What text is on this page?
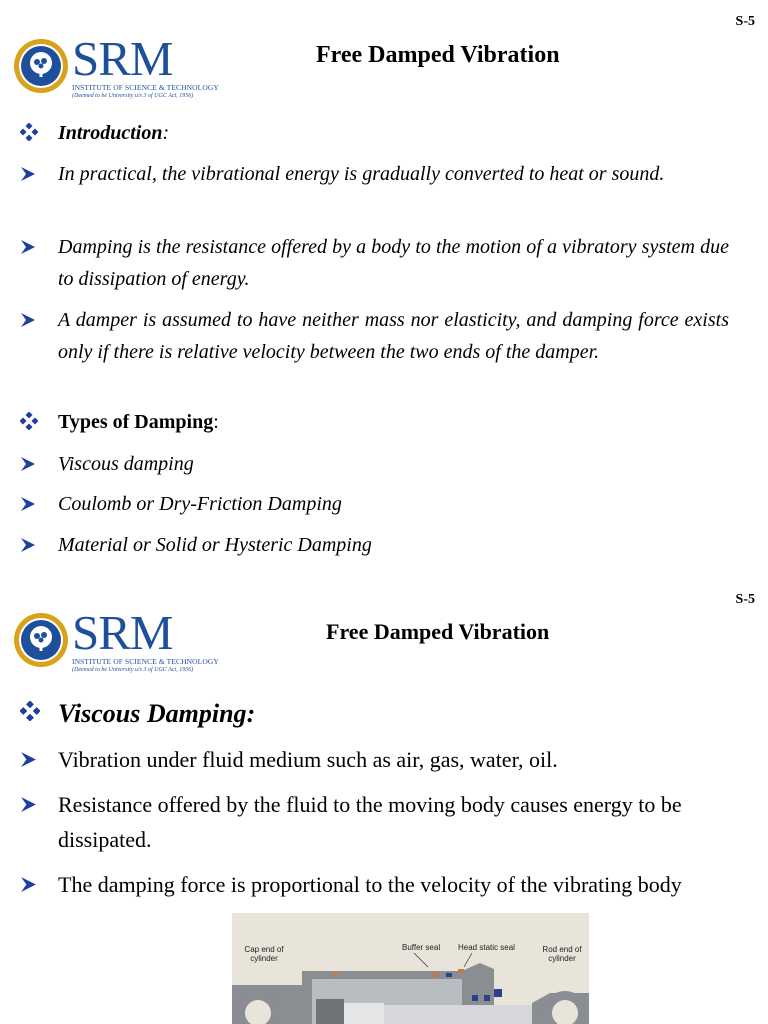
S-5
SRM
INSTITUTE OF SCIENCE & TECHNOLOGY
(Deemed to be University u/s 3 of UGC Act, 1956)
Free Damped Vibration
Introduction:
In practical, the vibrational energy is gradually converted to heat or sound.
Damping is the resistance offered by a body to the motion of a vibratory system due to dissipation of energy.
A damper is assumed to have neither mass nor elasticity, and damping force exists only if there is relative velocity between the two ends of the damper.
Types of Damping:
Viscous damping
Coulomb or Dry-Friction Damping
Material or Solid or Hysteric Damping
S-5
SRM
INSTITUTE OF SCIENCE & TECHNOLOGY
(Deemed to be University u/s 3 of UGC Act, 1956)
Free Damped Vibration
Viscous Damping:
Vibration under fluid medium such as air, gas, water, oil.
Resistance offered by the fluid to the moving body causes energy to be dissipated.
The damping force is proportional to the velocity of the vibrating body
Cap end of cylinder
Buffer seal Head static seal	Rod end of cylinder
